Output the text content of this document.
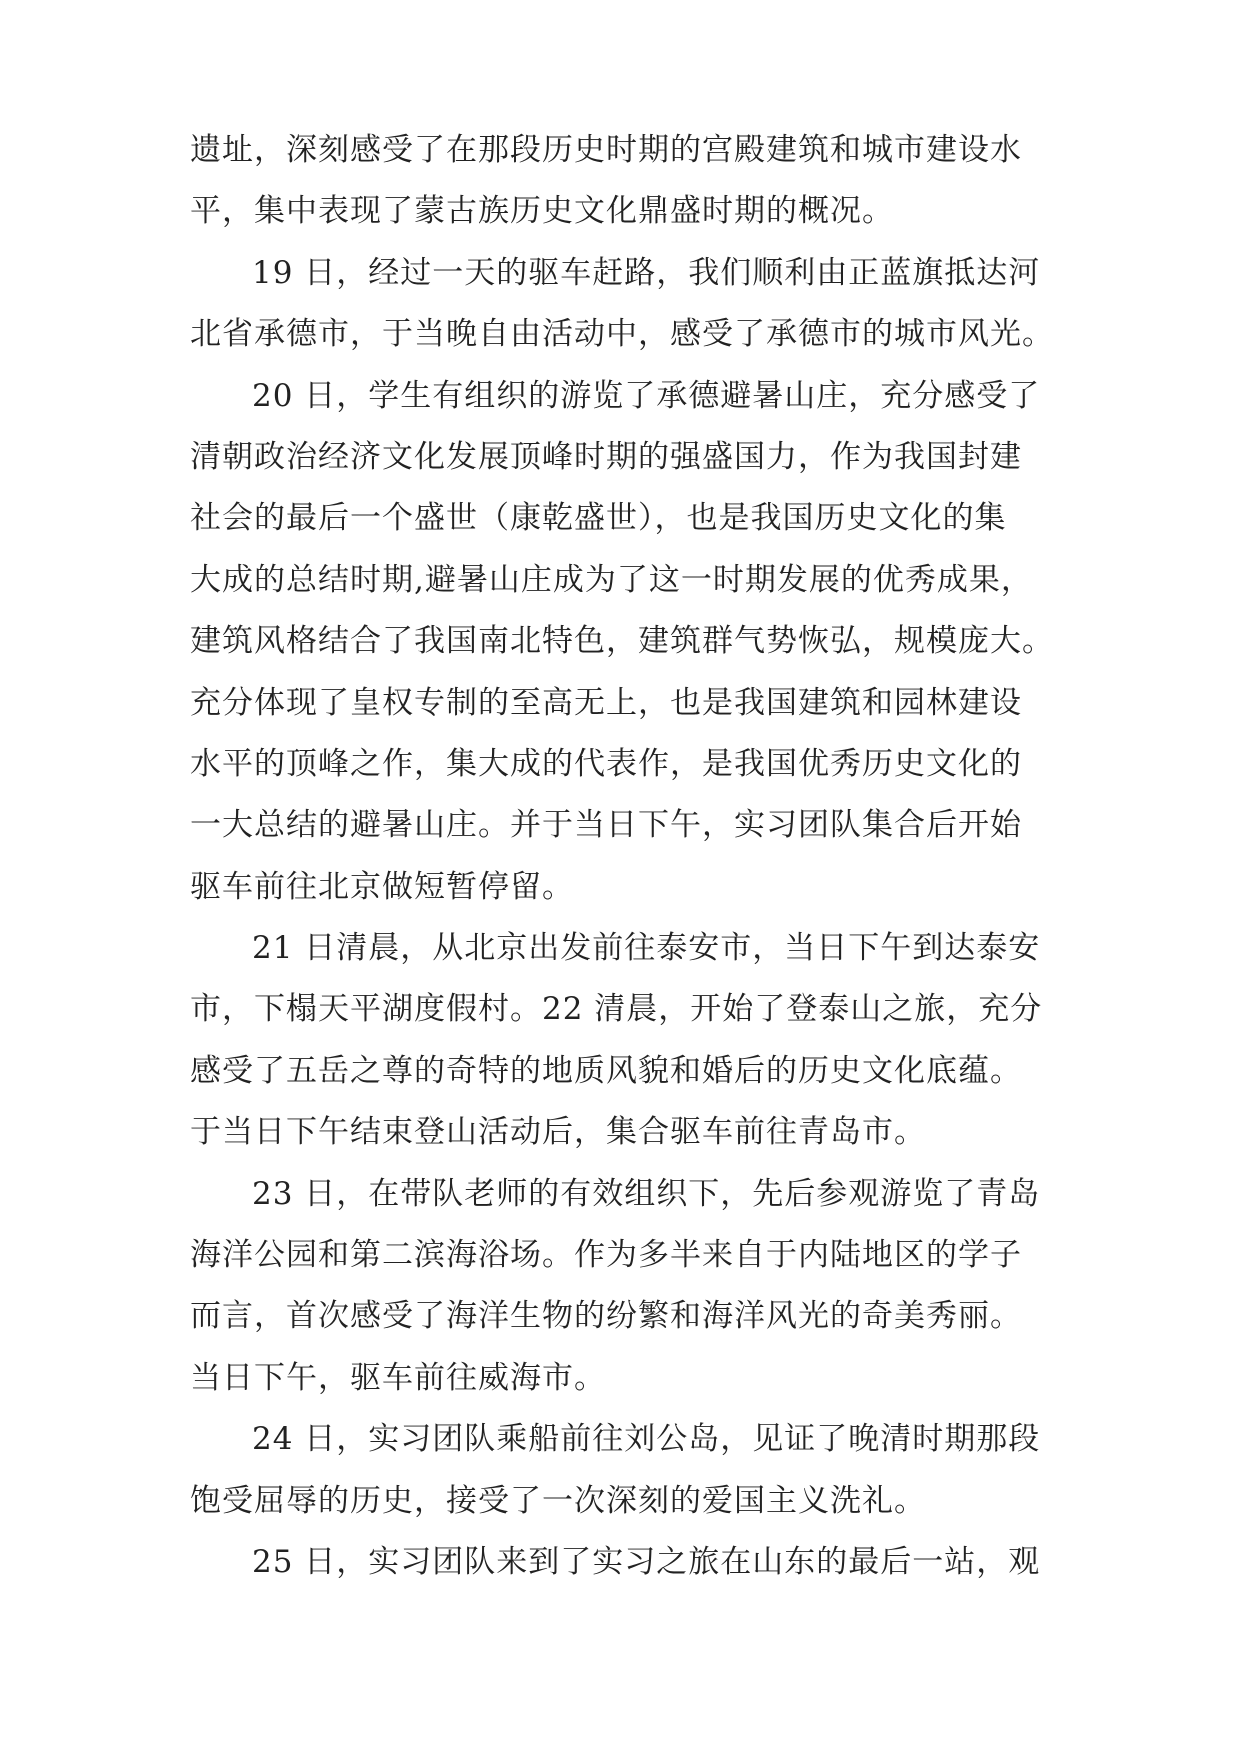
遗址，深刻感受了在那段历史时期的宫殿建筑和城市建设水
平，集中表现了蒙古族历史文化鼎盛时期的概况。
19 日，经过一天的驱车赶路，我们顺利由正蓝旗抵达河
北省承德市，于当晚自由活动中，感受了承德市的城市风光。
20 日，学生有组织的游览了承德避暑山庄，充分感受了
清朝政治经济文化发展顶峰时期的强盛国力，作为我国封建
社会的最后一个盛世（康乾盛世），也是我国历史文化的集
大成的总结时期,避暑山庄成为了这一时期发展的优秀成果，
建筑风格结合了我国南北特色，建筑群气势恢弘，规模庞大。
充分体现了皇权专制的至高无上，也是我国建筑和园林建设
水平的顶峰之作，集大成的代表作，是我国优秀历史文化的
一大总结的避暑山庄。并于当日下午，实习团队集合后开始
驱车前往北京做短暂停留。
21 日清晨，从北京出发前往泰安市，当日下午到达泰安
市，下榻天平湖度假村。22 清晨，开始了登泰山之旅，充分
感受了五岳之尊的奇特的地质风貌和婚后的历史文化底蕴。
于当日下午结束登山活动后，集合驱车前往青岛市。
23 日，在带队老师的有效组织下，先后参观游览了青岛
海洋公园和第二滨海浴场。作为多半来自于内陆地区的学子
而言，首次感受了海洋生物的纷繁和海洋风光的奇美秀丽。
当日下午，驱车前往威海市。
24 日，实习团队乘船前往刘公岛，见证了晚清时期那段
饱受屈辱的历史，接受了一次深刻的爱国主义洗礼。
25 日，实习团队来到了实习之旅在山东的最后一站，观
